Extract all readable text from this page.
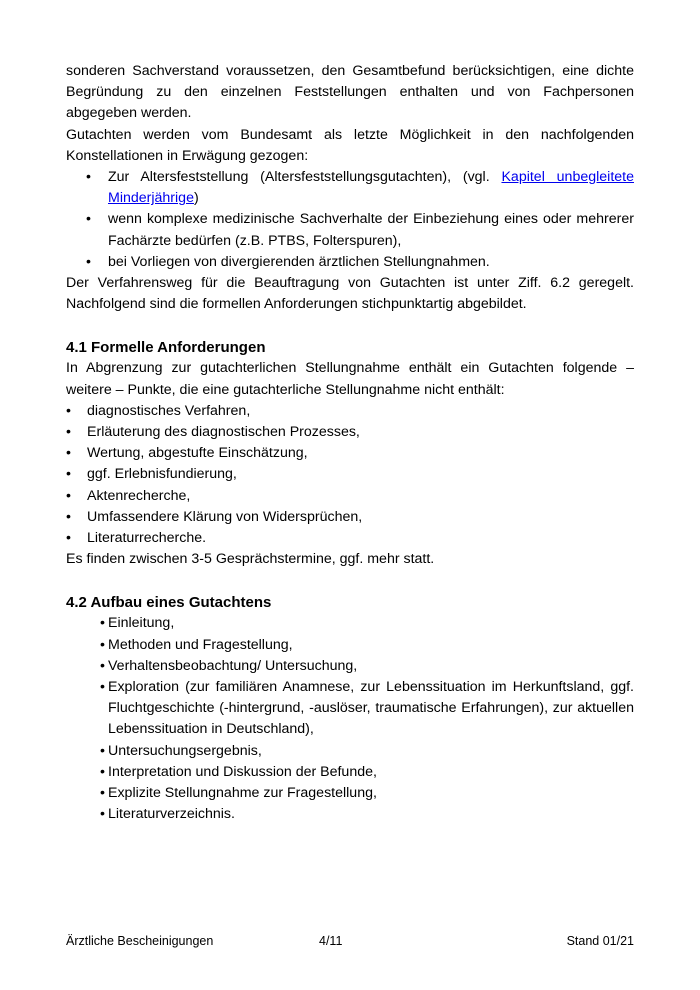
sonderen Sachverstand voraussetzen, den Gesamtbefund berücksichtigen, eine dichte Begründung zu den einzelnen Feststellungen enthalten und von Fachpersonen abgegeben werden.

Gutachten werden vom Bundesamt als letzte Möglichkeit in den nachfolgenden Konstellationen in Erwägung gezogen:

• Zur Altersfeststellung (Altersfeststellungsgutachten), (vgl. Kapitel unbegleitete Minderjährige)
• wenn komplexe medizinische Sachverhalte der Einbeziehung eines oder mehrerer Fachärzte bedürfen (z.B. PTBS, Folterspuren),
• bei Vorliegen von divergierenden ärztlichen Stellungnahmen.

Der Verfahrensweg für die Beauftragung von Gutachten ist unter Ziff. 6.2 geregelt. Nachfolgend sind die formellen Anforderungen stichpunktartig abgebildet.

4.1 Formelle Anforderungen

In Abgrenzung zur gutachterlichen Stellungnahme enthält ein Gutachten folgende – weitere – Punkte, die eine gutachterliche Stellungnahme nicht enthält:

• diagnostisches Verfahren,
• Erläuterung des diagnostischen Prozesses,
• Wertung, abgestufte Einschätzung,
• ggf. Erlebnisfundierung,
• Aktenrecherche,
• Umfassendere Klärung von Widersprüchen,
• Literaturrecherche.

Es finden zwischen 3-5 Gesprächstermine, ggf. mehr statt.

4.2 Aufbau eines Gutachtens
• Einleitung,
• Methoden und Fragestellung,
• Verhaltensbeobachtung/ Untersuchung,
• Exploration (zur familiären Anamnese, zur Lebenssituation im Herkunftsland, ggf. Fluchtgeschichte (-hintergrund, -auslöser, traumatische Erfahrungen), zur aktuellen Lebenssituation in Deutschland),
• Untersuchungsergebnis,
• Interpretation und Diskussion der Befunde,
• Explizite Stellungnahme zur Fragestellung,
• Literaturverzeichnis.
Ärztliche Bescheinigungen	4/11	Stand 01/21
